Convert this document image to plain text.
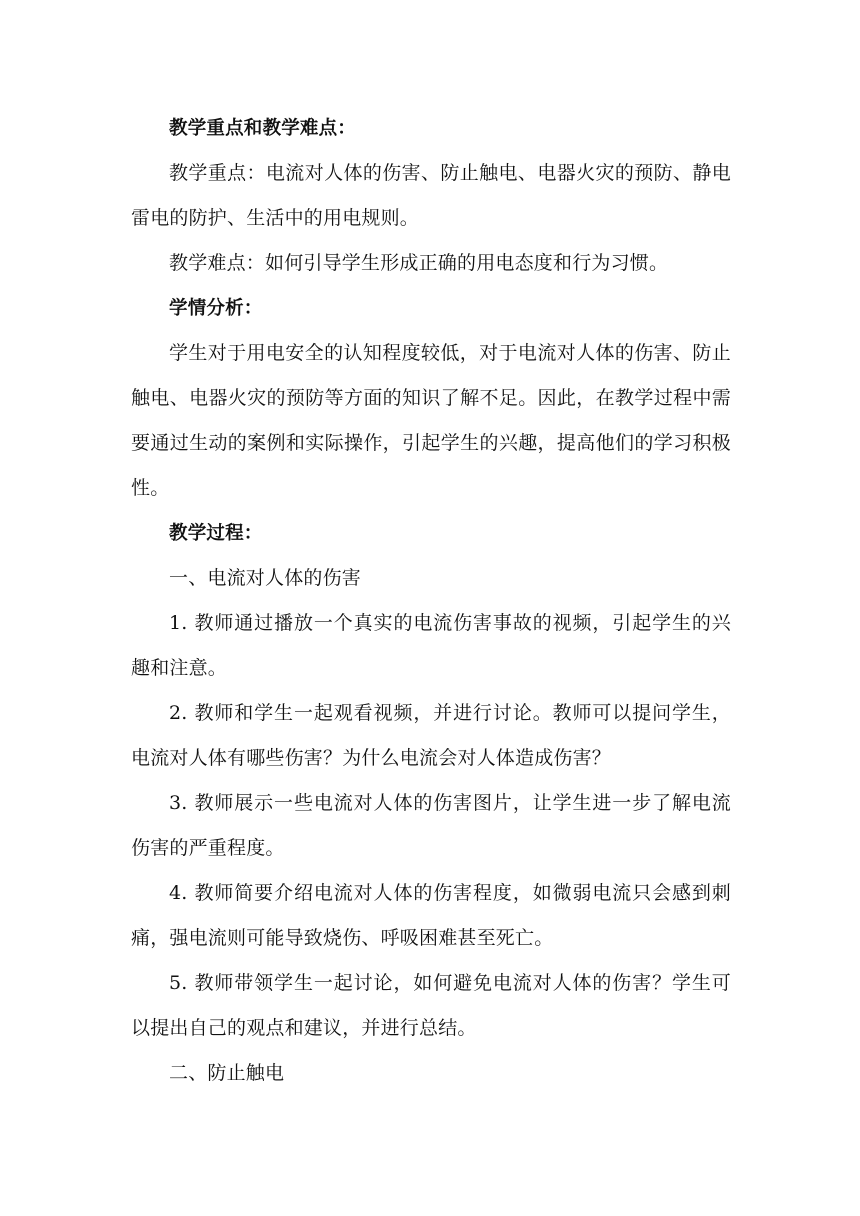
教学重点和教学难点：

教学重点：电流对人体的伤害、防止触电、电器火灾的预防、静电雷电的防护、生活中的用电规则。

教学难点：如何引导学生形成正确的用电态度和行为习惯。

学情分析：

学生对于用电安全的认知程度较低，对于电流对人体的伤害、防止触电、电器火灾的预防等方面的知识了解不足。因此，在教学过程中需要通过生动的案例和实际操作，引起学生的兴趣，提高他们的学习积极性。

教学过程：

一、电流对人体的伤害

1. 教师通过播放一个真实的电流伤害事故的视频，引起学生的兴趣和注意。

2. 教师和学生一起观看视频，并进行讨论。教师可以提问学生，电流对人体有哪些伤害？为什么电流会对人体造成伤害？

3. 教师展示一些电流对人体的伤害图片，让学生进一步了解电流伤害的严重程度。

4. 教师简要介绍电流对人体的伤害程度，如微弱电流只会感到刺痛，强电流则可能导致烧伤、呼吸困难甚至死亡。

5. 教师带领学生一起讨论，如何避免电流对人体的伤害？学生可以提出自己的观点和建议，并进行总结。

二、防止触电
